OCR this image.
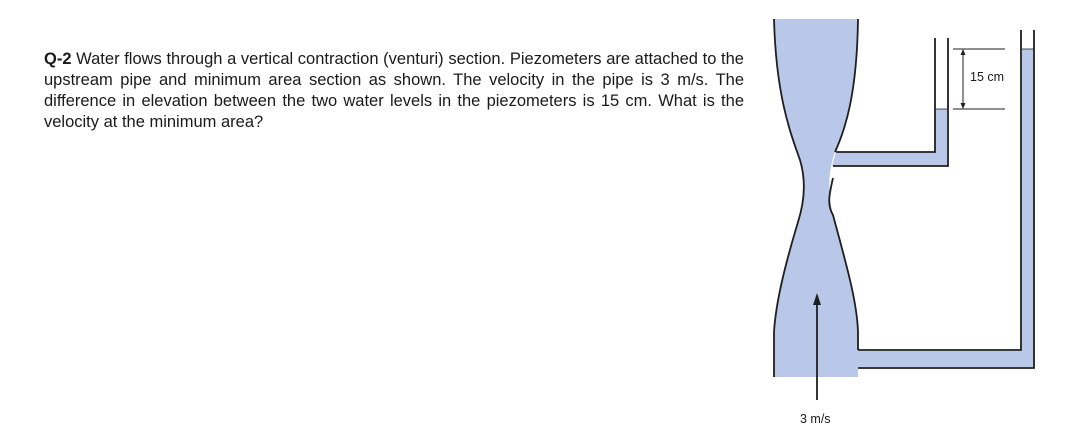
Q-2 Water flows through a vertical contraction (venturi) section. Piezometers are attached to the upstream pipe and minimum area section as shown. The velocity in the pipe is 3 m/s. The difference in elevation between the two water levels in the piezometers is 15 cm. What is the velocity at the minimum area?

15 cm
3 m/s
